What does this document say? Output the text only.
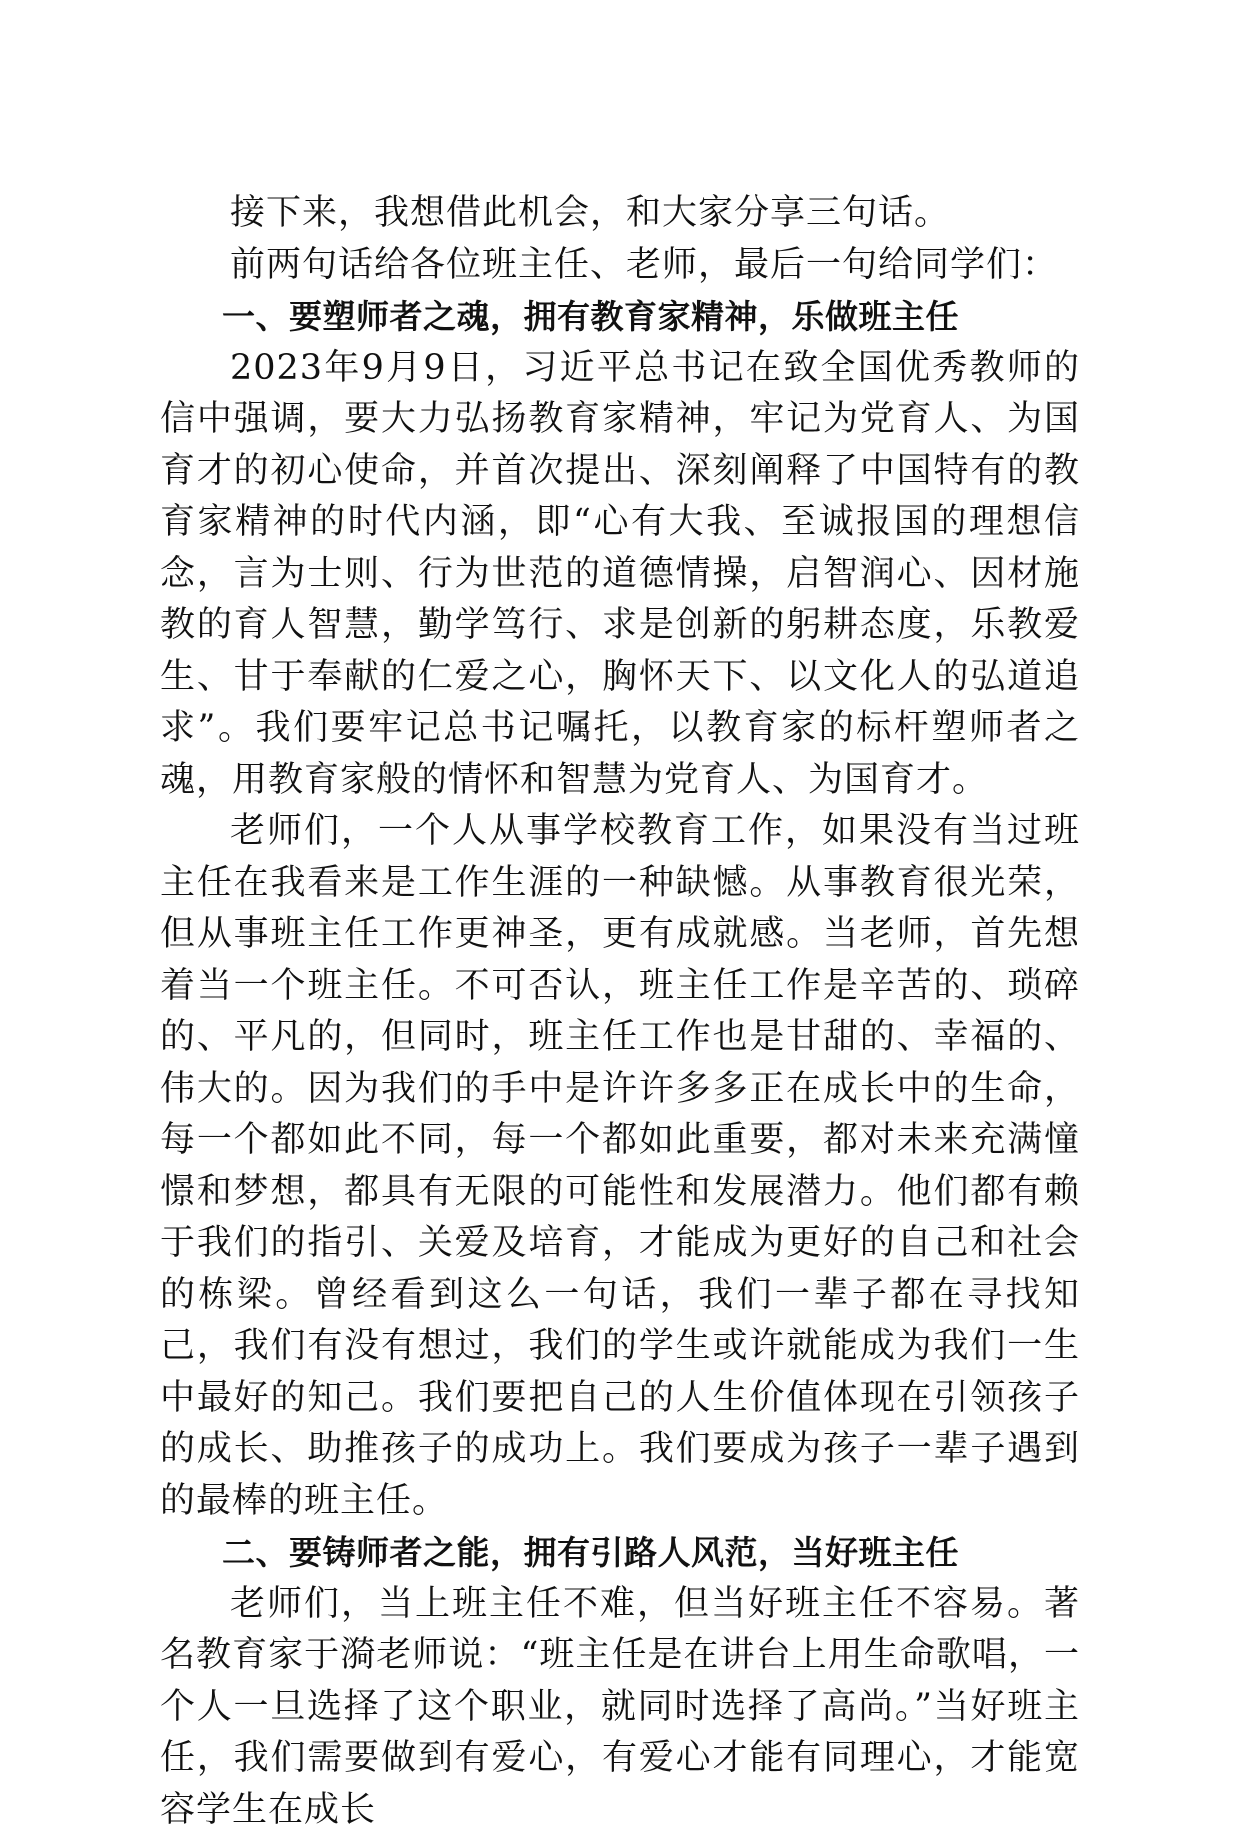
接下来，我想借此机会，和大家分享三句话。

前两句话给各位班主任、老师，最后一句给同学们：

一、要塑师者之魂，拥有教育家精神，乐做班主任

2023年9月9日，习近平总书记在致全国优秀教师的信中强调，要大力弘扬教育家精神，牢记为党育人、为国育才的初心使命，并首次提出、深刻阐释了中国特有的教育家精神的时代内涵，即“心有大我、至诚报国的理想信念，言为士则、行为世范的道德情操，启智润心、因材施教的育人智慧，勤学笃行、求是创新的躬耕态度，乐教爱生、甘于奉献的仁爱之心，胸怀天下、以文化人的弘道追求”。我们要牢记总书记嘱托，以教育家的标杆塑师者之魂，用教育家般的情怀和智慧为党育人、为国育才。

老师们，一个人从事学校教育工作，如果没有当过班主任在我看来是工作生涯的一种缺憾。从事教育很光荣，但从事班主任工作更神圣，更有成就感。当老师，首先想着当一个班主任。不可否认，班主任工作是辛苦的、琐碎的、平凡的，但同时，班主任工作也是甘甜的、幸福的、伟大的。因为我们的手中是许许多多正在成长中的生命，每一个都如此不同，每一个都如此重要，都对未来充满憧憬和梦想，都具有无限的可能性和发展潜力。他们都有赖于我们的指引、关爱及培育，才能成为更好的自己和社会的栋梁。曾经看到这么一句话，我们一辈子都在寻找知己，我们有没有想过，我们的学生或许就能成为我们一生中最好的知己。我们要把自己的人生价值体现在引领孩子的成长、助推孩子的成功上。我们要成为孩子一辈子遇到的最棒的班主任。

二、要铸师者之能，拥有引路人风范，当好班主任

老师们，当上班主任不难，但当好班主任不容易。著名教育家于漪老师说：“班主任是在讲台上用生命歌唱，一个人一旦选择了这个职业，就同时选择了高尚。”当好班主任，我们需要做到有爱心，有爱心才能有同理心，才能宽容学生在成长
